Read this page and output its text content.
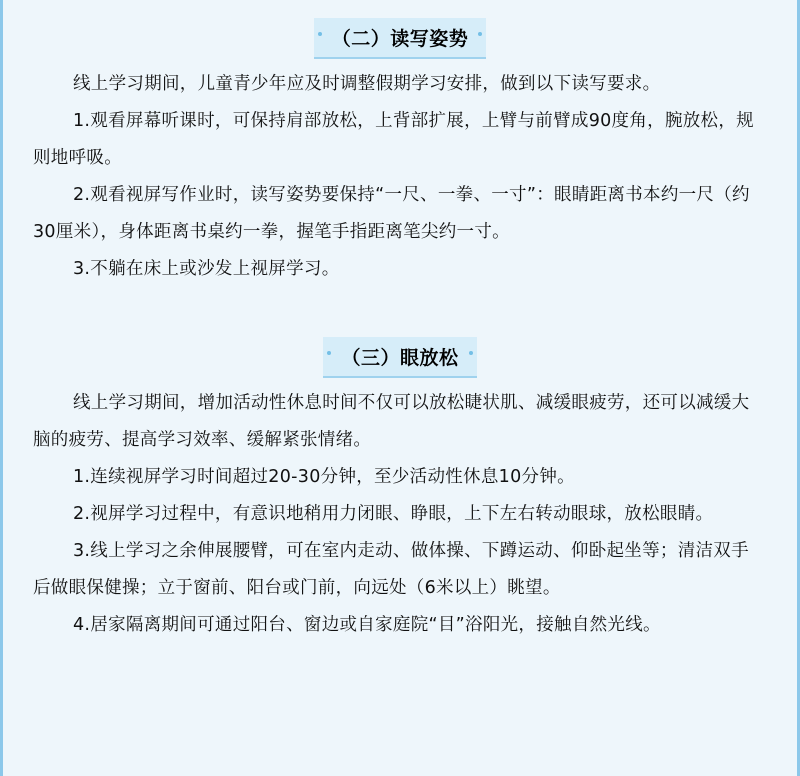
（二）读写姿势

线上学习期间，儿童青少年应及时调整假期学习安排，做到以下读写要求。

1.观看屏幕听课时，可保持肩部放松，上背部扩展，上臂与前臂成90度角，腕放松，规则地呼吸。

2.观看视屏写作业时，读写姿势要保持“一尺、一拳、一寸”：眼睛距离书本约一尺（约30厘米），身体距离书桌约一拳，握笔手指距离笔尖约一寸。

3.不躺在床上或沙发上视屏学习。

（三）眼放松

线上学习期间，增加活动性休息时间不仅可以放松睫状肌、减缓眼疲劳，还可以减缓大脑的疲劳、提高学习效率、缓解紧张情绪。

1.连续视屏学习时间超过20-30分钟，至少活动性休息10分钟。

2.视屏学习过程中，有意识地稍用力闭眼、睁眼，上下左右转动眼球，放松眼睛。

3.线上学习之余伸展腰臂，可在室内走动、做体操、下蹲运动、仰卧起坐等；清洁双手后做眼保健操；立于窗前、阳台或门前，向远处（6米以上）眺望。

4.居家隔离期间可通过阳台、窗边或自家庭院“目”浴阳光，接触自然光线。
